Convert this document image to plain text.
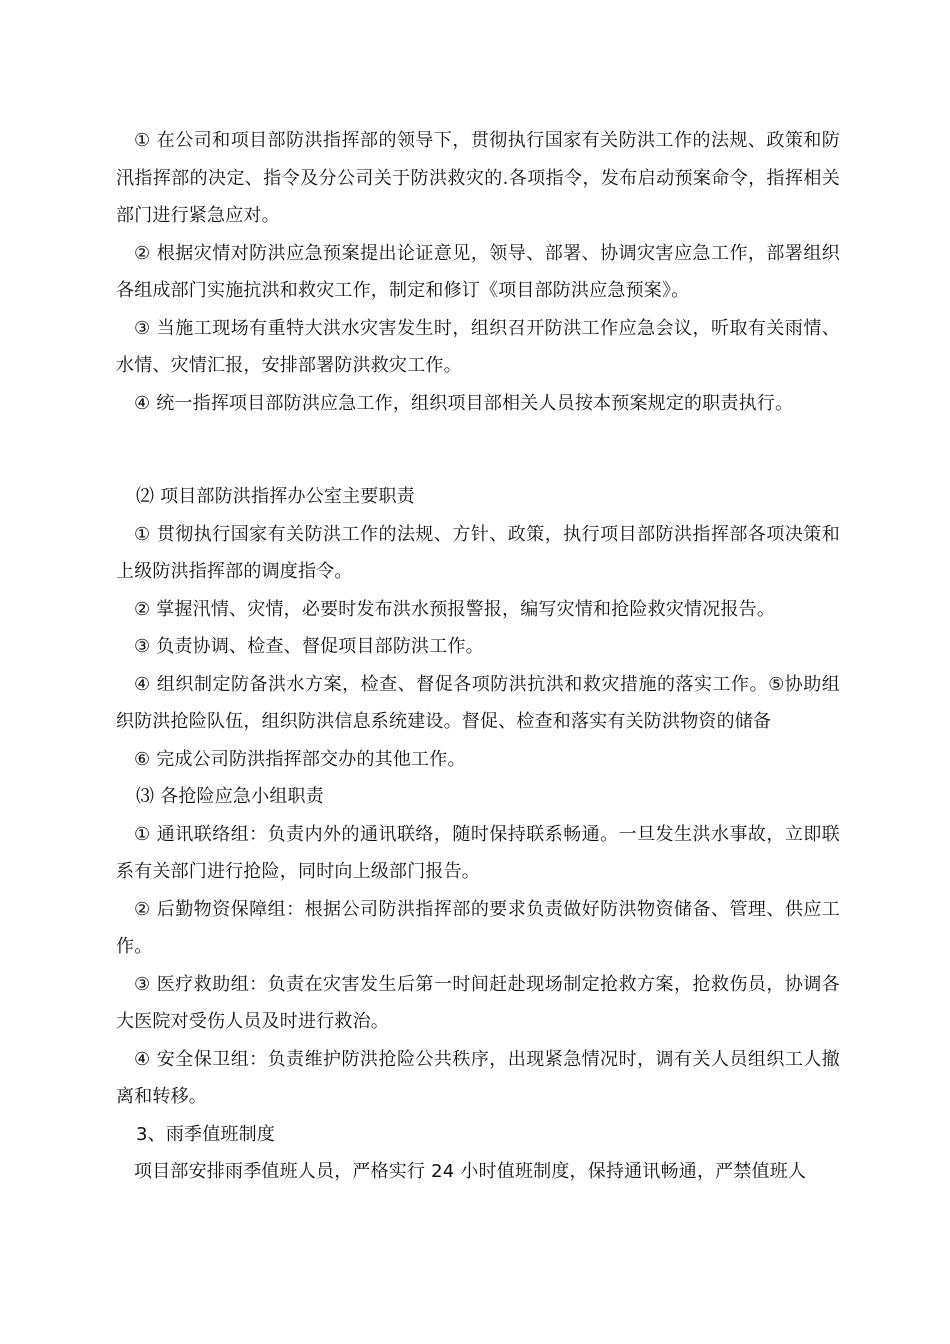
① 在公司和项目部防洪指挥部的领导下，贯彻执行国家有关防洪工作的法规、政策和防汛指挥部的决定、指令及分公司关于防洪救灾的.各项指令，发布启动预案命令，指挥相关部门进行紧急应对。

② 根据灾情对防洪应急预案提出论证意见，领导、部署、协调灾害应急工作，部署组织各组成部门实施抗洪和救灾工作，制定和修订《项目部防洪应急预案》。

③ 当施工现场有重特大洪水灾害发生时，组织召开防洪工作应急会议，听取有关雨情、水情、灾情汇报，安排部署防洪救灾工作。

④ 统一指挥项目部防洪应急工作，组织项目部相关人员按本预案规定的职责执行。

⑵ 项目部防洪指挥办公室主要职责

① 贯彻执行国家有关防洪工作的法规、方针、政策，执行项目部防洪指挥部各项决策和上级防洪指挥部的调度指令。

② 掌握汛情、灾情，必要时发布洪水预报警报，编写灾情和抢险救灾情况报告。

③ 负责协调、检查、督促项目部防洪工作。

④ 组织制定防备洪水方案，检查、督促各项防洪抗洪和救灾措施的落实工作。⑤协助组织防洪抢险队伍，组织防洪信息系统建设。督促、检查和落实有关防洪物资的储备

⑥ 完成公司防洪指挥部交办的其他工作。

⑶ 各抢险应急小组职责

① 通讯联络组：负责内外的通讯联络，随时保持联系畅通。一旦发生洪水事故，立即联系有关部门进行抢险，同时向上级部门报告。

② 后勤物资保障组：根据公司防洪指挥部的要求负责做好防洪物资储备、管理、供应工作。

③ 医疗救助组：负责在灾害发生后第一时间赶赴现场制定抢救方案，抢救伤员，协调各大医院对受伤人员及时进行救治。

④ 安全保卫组：负责维护防洪抢险公共秩序，出现紧急情况时，调有关人员组织工人撤离和转移。

3、雨季值班制度

项目部安排雨季值班人员，严格实行 24 小时值班制度，保持通讯畅通，严禁值班人
